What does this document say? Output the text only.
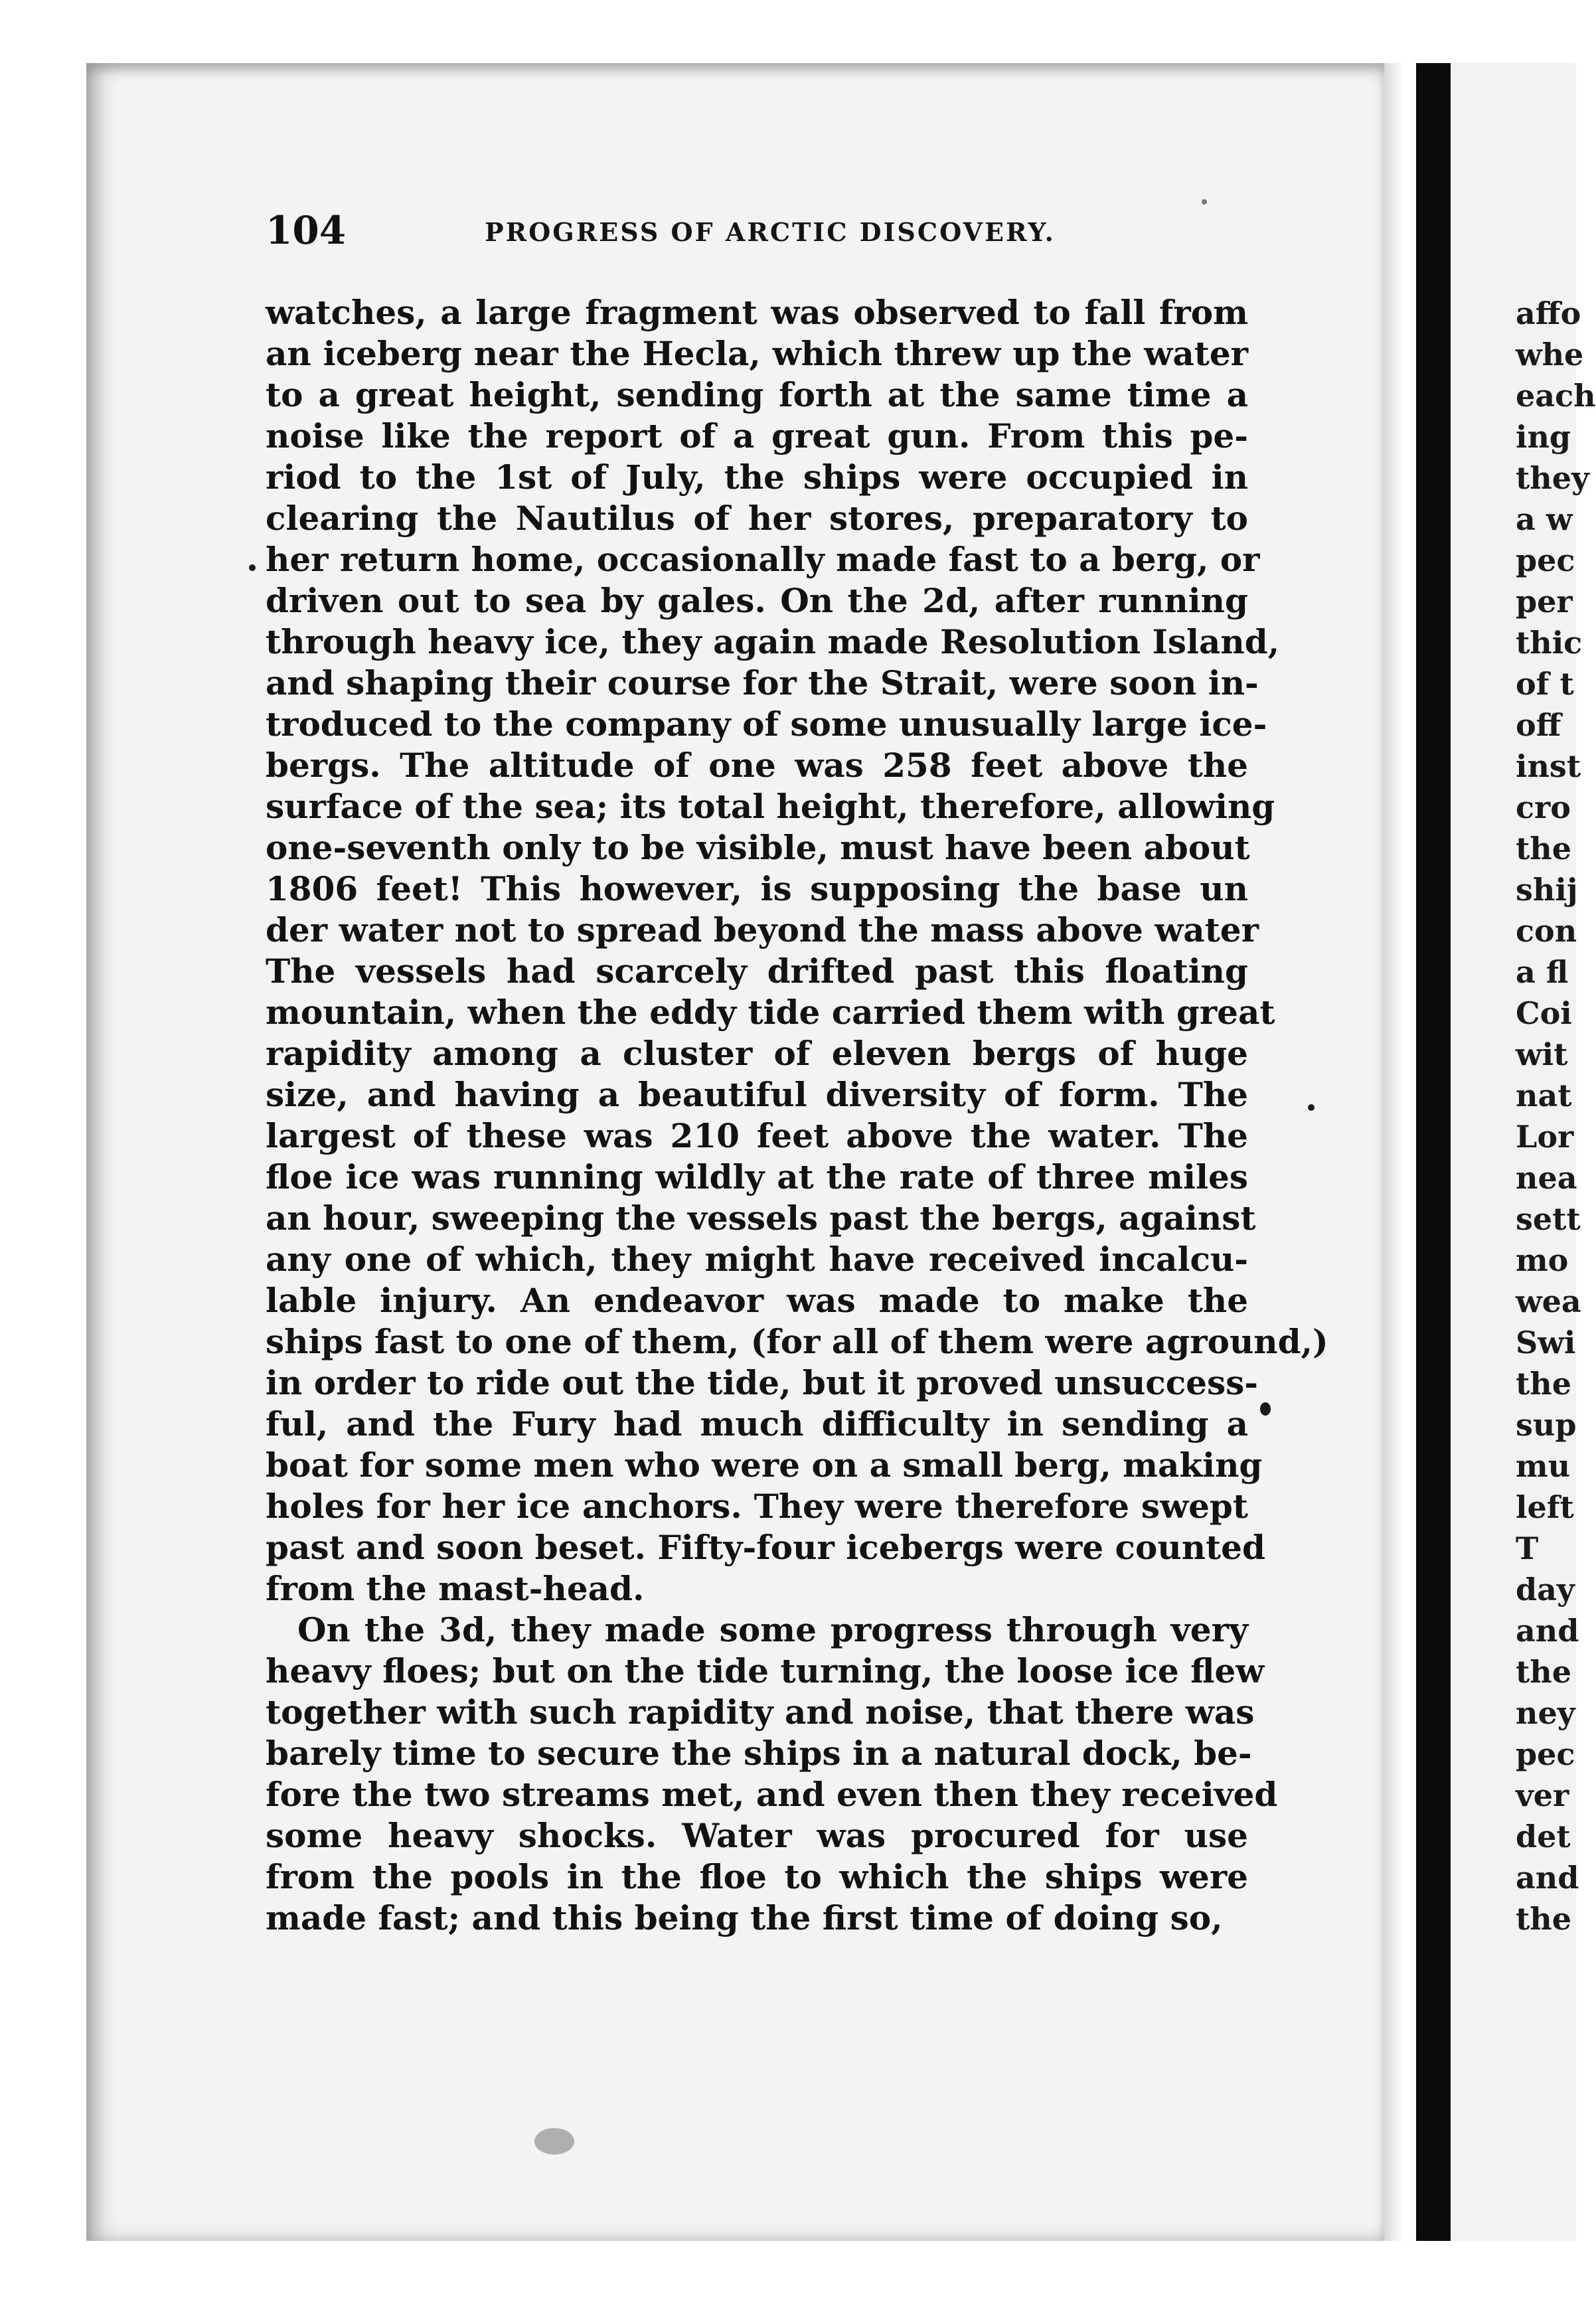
affo
whe
each
ing
they
a w
pec
per
thic
of t
off
inst
cro
the
shij
con
a fl
Coi
wit
nat
Lor
nea
sett
mo
wea
Swi
the
sup
mu
left
T
day
and
the
ney
pec
ver
det
and
the
104	PROGRESS OF ARCTIC DISCOVERY.
watches, a large fragment was observed to fall from
an iceberg near the Hecla, which threw up the water
to a great height, sending forth at the same time a
noise like the report of a great gun. From this pe-
riod to the 1st of July, the ships were occupied in
clearing the Nautilus of her stores, preparatory to
her return home, occasionally made fast to a berg, or
driven out to sea by gales. On the 2d, after running
through heavy ice, they again made Resolution Island,
and shaping their course for the Strait, were soon in-
troduced to the company of some unusually large ice-
bergs. The altitude of one was 258 feet above the
surface of the sea; its total height, therefore, allowing
one-seventh only to be visible, must have been about
1806 feet! This however, is supposing the base un
der water not to spread beyond the mass above water
The vessels had scarcely drifted past this floating
mountain, when the eddy tide carried them with great
rapidity among a cluster of eleven bergs of huge
size, and having a beautiful diversity of form. The
largest of these was 210 feet above the water. The
floe ice was running wildly at the rate of three miles
an hour, sweeping the vessels past the bergs, against
any one of which, they might have received incalcu-
lable injury. An endeavor was made to make the
ships fast to one of them, (for all of them were aground,)
in order to ride out the tide, but it proved unsuccess-
ful, and the Fury had much difficulty in sending a
boat for some men who were on a small berg, making
holes for her ice anchors. They were therefore swept
past and soon beset. Fifty-four icebergs were counted
from the mast-head.
On the 3d, they made some progress through very
heavy floes; but on the tide turning, the loose ice flew
together with such rapidity and noise, that there was
barely time to secure the ships in a natural dock, be-
fore the two streams met, and even then they received
some heavy shocks. Water was procured for use
from the pools in the floe to which the ships were
made fast; and this being the first time of doing so,
